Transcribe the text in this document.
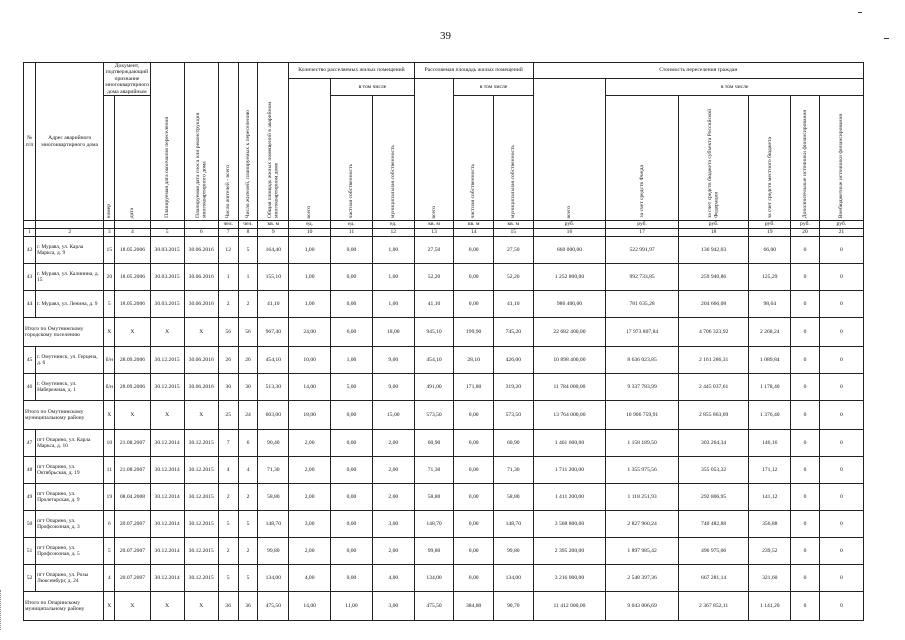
39
№ п/п	Адрес аварийного многоквартирного дома	Документ, подтверждающий признание многоквартирного дома аварийным		Планируемая дата окончания переселения	Планируемая дата сноса или реконструкции многоквартирного дома	Число жителей - всего	Число жителей, планируемых к переселению	Общая площадь жилых помещений в аварийном многоквартирном доме	Количество расселяемых жилых помещений			Расселяемая площадь жилых помещений			Стоимость переселения граждан					

									всего	в том числе		всего	в том числе		всего	в том числе				

		номер	дата							частная собственность	муниципальная собственность		частная собственность	муниципальная собственность		за счет средств Фонда	за счет средств бюджета субъекта Российской Федерации	за счет средств местного бюджета	Дополнительные источники финансирования	Внебюджетные источники финансирования

						чел.	чел.	кв. м	ед.	ед.	ед.	кв. м	кв. м	кв. м	руб.	руб.	руб.	руб.	руб.	руб.
1	2	3	4	5	6	7	8	9	10	11	12	13	14	15	16	17	18	19	20	21
42	г. Муравл, ул. Карла Маркса, д. 9	15	18.05.2006	30.03.2015	30.06.2016	12	5	164,40	1,00	0,00	1,00	27,50	0,00	27,50	660 000,00	522 991,97	136 942,03	66,00	0	0
43	г. Муравл, ул. Калинина, д. 15	20	18.05.2006	30.03.2015	30.06.2016	1	1	155,10	1,00	0,00	1,00	52,20	0,00	52,20	1 252 800,00	992 733,85	259 940,86	125,29	0	0
44	г. Муравл, ул. Ленина, д. 9	5	18.05.2006	30.03.2015	30.06.2016	2	2	41,10	1,00	0,00	1,00	41,10	0,00	41,10	986 400,00	781 635,28	204 666,08	98,64	0	0
Итого по Омутнинскому городскому поселению		X	X	X	X	56	56	967,40	24,00	6,00	18,00	945,10	199,90	745,20	22 682 400,00	17 973 807,84	4 706 323,92	2 268,24	0	0
45	г. Омутнинск, ул. Герцена, д. 6	б/н	28.09.2006	30.12.2015	30.06.2016	26	26	454,10	10,00	1,00	9,00	454,10	28,10	426,00	10 898 400,00	8 636 023,85	2 161 286,31	1 089,84	0	0
46	г. Омутнинск, ул. Набережная, д. 1	б/н	28.09.2006	30.12.2015	30.06.2016	30	30	513,30	14,00	5,00	9,00	491,00	171,80	319,20	11 784 000,00	9 337 783,99	2 445 037,61	1 178,40	0	0
Итого по Омутнинскому муниципальному району		X	X	X	X	25	24	603,00	18,00	0,00	15,00	573,50	0,00	573,50	13 764 000,00	10 906 759,91	2 855 863,69	1 376,40	0	0
47	пгт Опарино, ул. Карла Маркса, д. 10	10	21.08.2007	30.12.2014	30.12.2015	7	6	90,40	2,00	0,00	2,00	60,90	0,00	60,90	1 461 600,00	1 158 189,50	303 264,34	146,16	0	0
48	пгт Опарино, ул. Октябрьская, д. 19	11	21.08.2007	30.12.2014	30.12.2015	4	4	71,30	2,00	0,00	2,00	71,30	0,00	71,30	1 711 200,00	1 355 975,56	355 053,32	171,12	0	0
49	пгт Опарино, ул. Пролетарская, д. 9	19	08.04.2008	30.12.2014	30.12.2015	2	2	58,80	2,00	0,00	2,00	58,80	0,00	58,80	1 411 200,00	1 118 251,93	292 806,95	141,12	0	0
50	пгт Опарино, ул. Профсоюзная, д. 3	6	20.07.2007	30.12.2014	30.12.2015	5	5	148,70	3,00	0,00	3,00	148,70	0,00	148,70	3 568 800,00	2 827 960,24	740 482,88	356,88	0	0
51	пгт Опарино, ул. Профсоюзная, д. 5	5	20.07.2007	30.12.2014	30.12.2015	2	2	99,80	2,00	0,00	2,00	99,80	0,00	99,80	2 395 200,00	1 897 985,42	496 975,06	239,52	0	0
52	пгт Опарино, ул. Розы Люксембург, д. 24	4	20.07.2007	30.12.2014	30.12.2015	5	5	134,00	4,00	0,00	4,00	134,00	0,00	134,00	3 216 000,00	2 548 397,36	667 281,14	321,60	0	0
Итого по Опаринскому муниципальному району		X	X	X	X	36	36	475,50	14,00	11,00	3,00	475,50	384,80	90,70	11 412 000,00	9 043 006,69	2 367 852,11	1 141,20	0	0
